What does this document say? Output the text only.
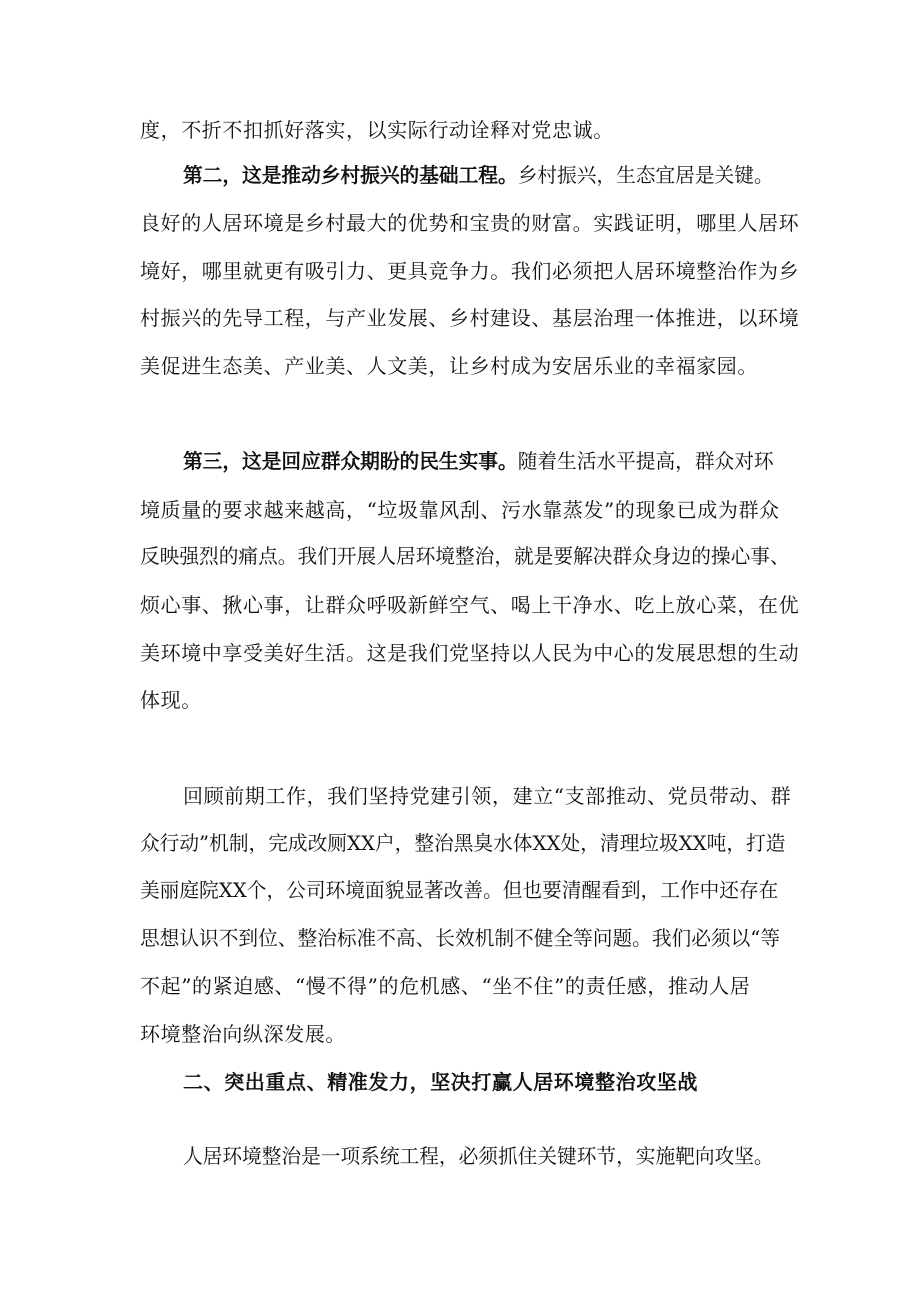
度，不折不扣抓好落实，以实际行动诠释对党忠诚。
第二，这是推动乡村振兴的基础工程。乡村振兴，生态宜居是关键。
良好的人居环境是乡村最大的优势和宝贵的财富。实践证明，哪里人居环
境好，哪里就更有吸引力、更具竞争力。我们必须把人居环境整治作为乡
村振兴的先导工程，与产业发展、乡村建设、基层治理一体推进，以环境
美促进生态美、产业美、人文美，让乡村成为安居乐业的幸福家园。
第三，这是回应群众期盼的民生实事。随着生活水平提高，群众对环
境质量的要求越来越高，“垃圾靠风刮、污水靠蒸发”的现象已成为群众
反映强烈的痛点。我们开展人居环境整治，就是要解决群众身边的操心事、
烦心事、揪心事，让群众呼吸新鲜空气、喝上干净水、吃上放心菜，在优
美环境中享受美好生活。这是我们党坚持以人民为中心的发展思想的生动
体现。
回顾前期工作，我们坚持党建引领，建立“支部推动、党员带动、群
众行动”机制，完成改厕XX户，整治黑臭水体XX处，清理垃圾XX吨，打造
美丽庭院XX个，公司环境面貌显著改善。但也要清醒看到，工作中还存在
思想认识不到位、整治标准不高、长效机制不健全等问题。我们必须以“等
不起”的紧迫感、“慢不得”的危机感、“坐不住”的责任感，推动人居
环境整治向纵深发展。
二、突出重点、精准发力，坚决打赢人居环境整治攻坚战
人居环境整治是一项系统工程，必须抓住关键环节，实施靶向攻坚。
